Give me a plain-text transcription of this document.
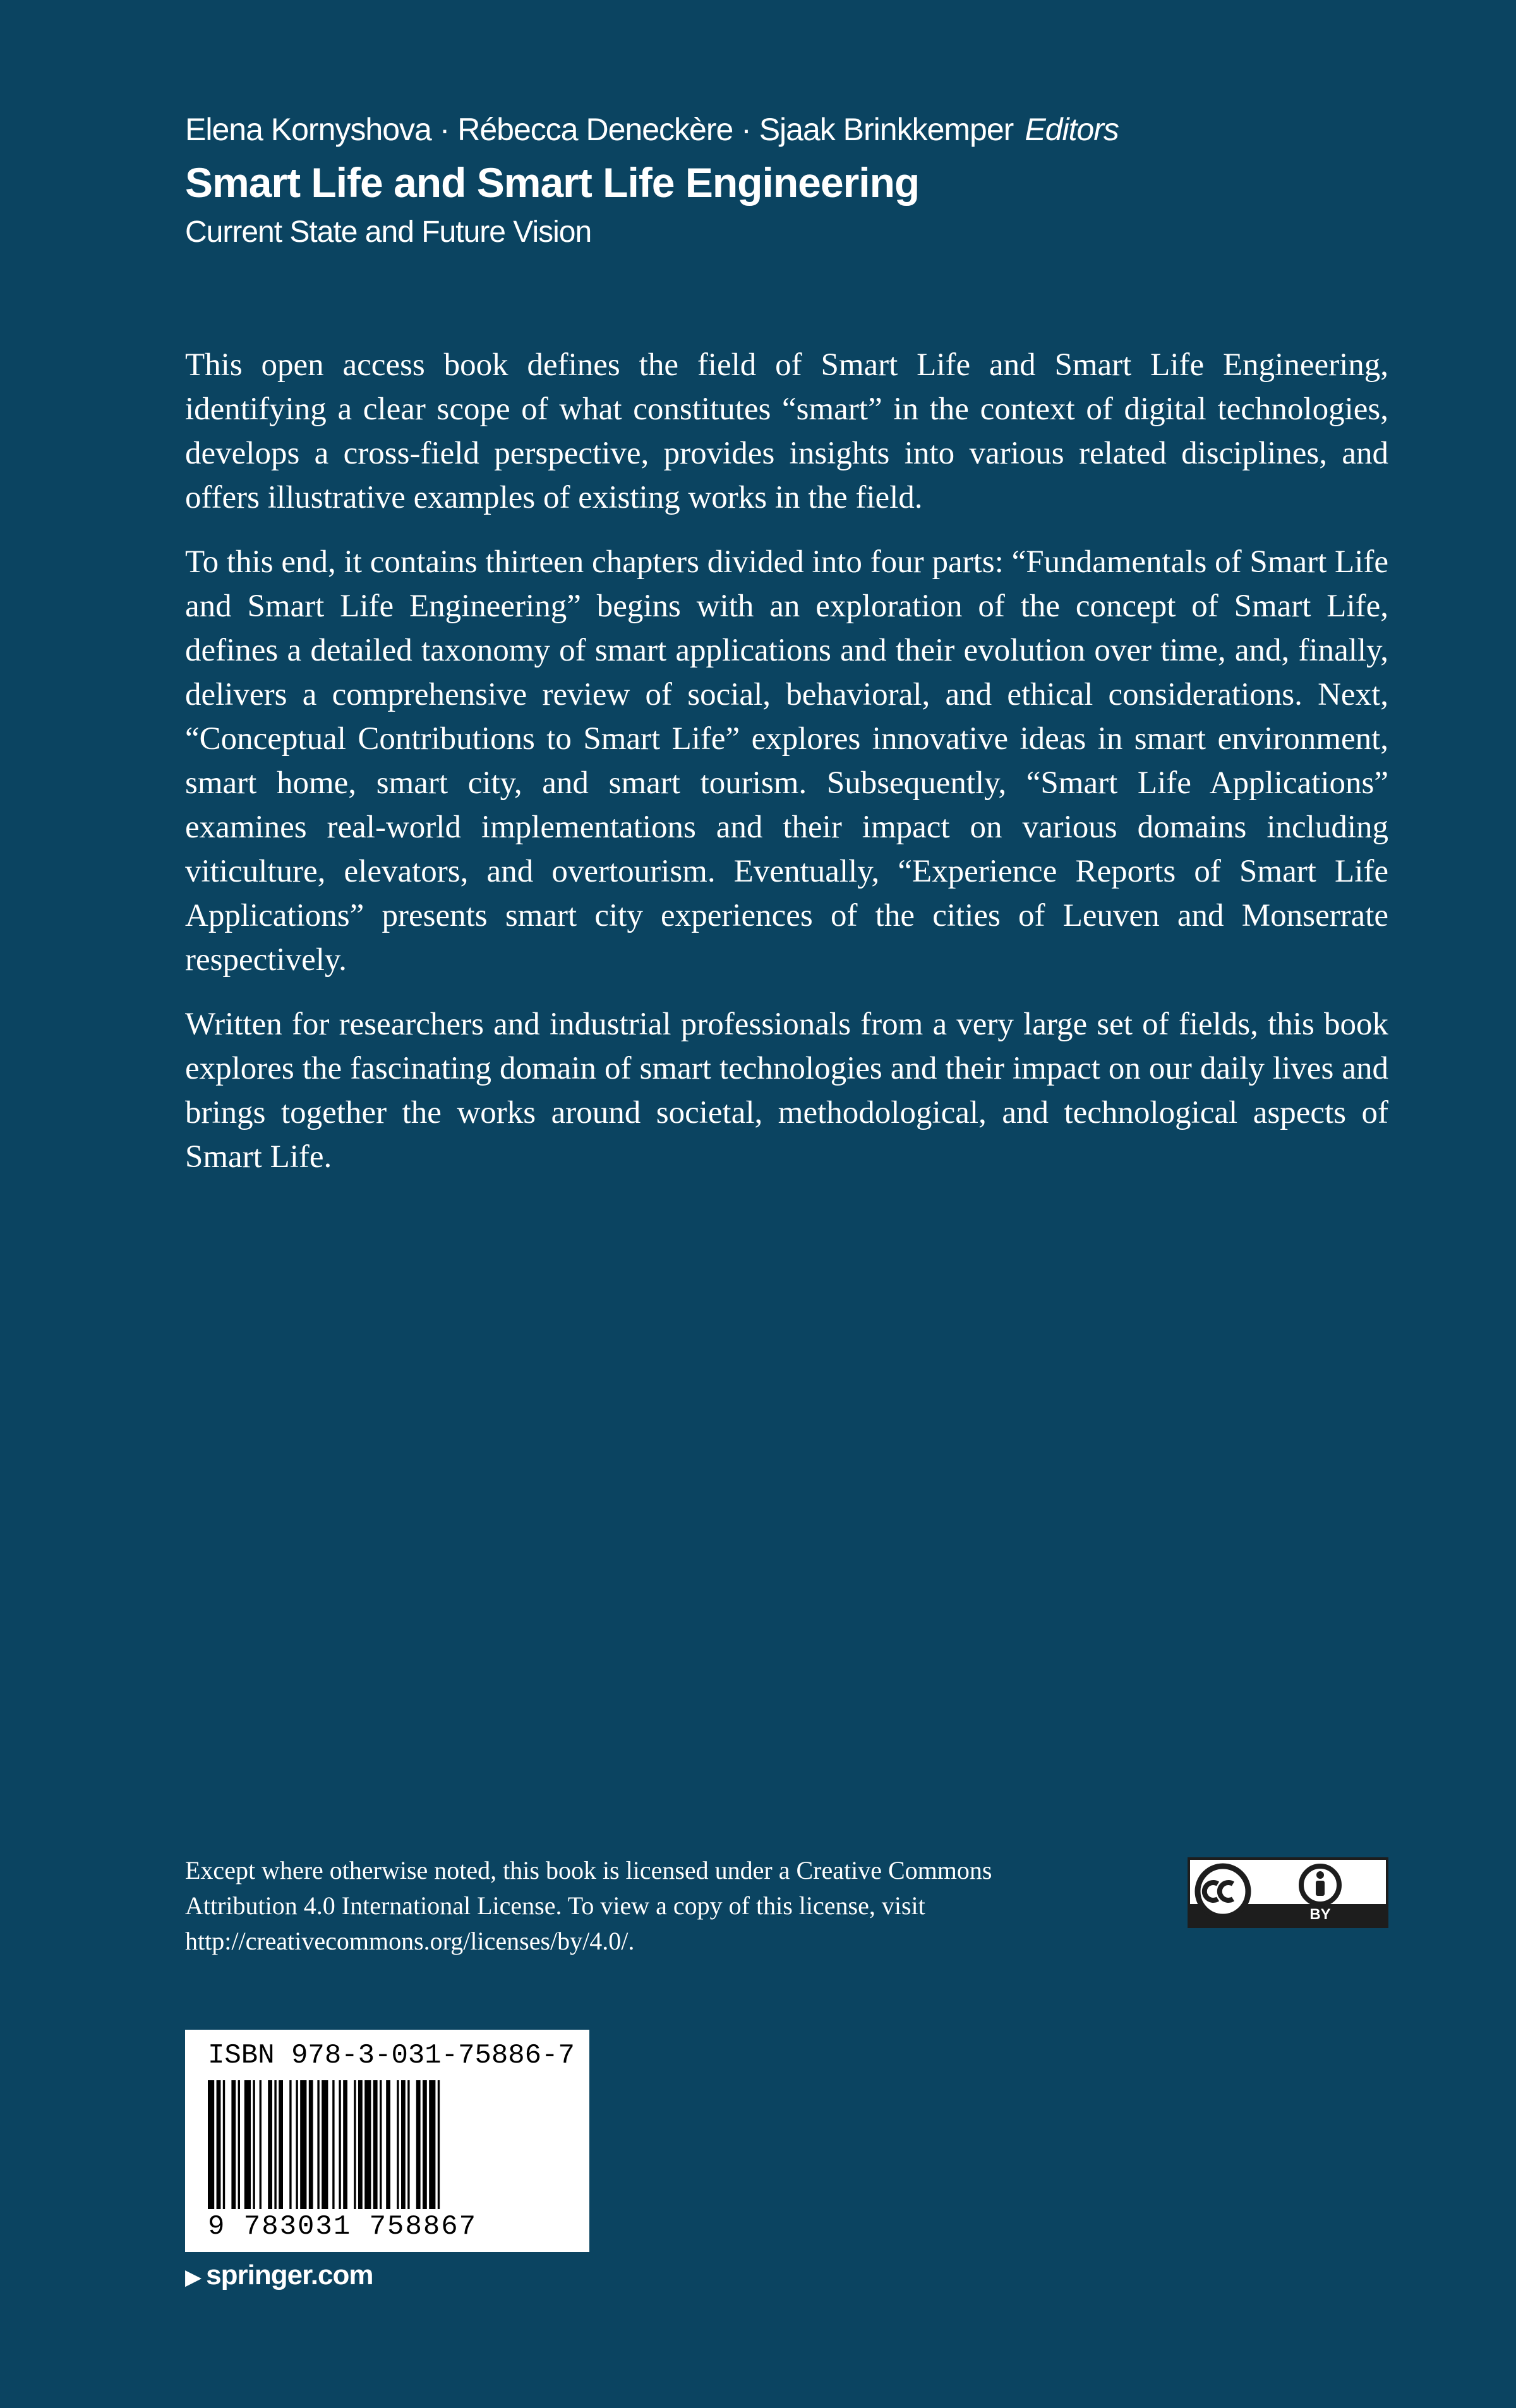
Elena Kornyshova · Rébecca Deneckère · Sjaak Brinkkemper Editors
Smart Life and Smart Life Engineering
Current State and Future Vision

This open access book defines the field of Smart Life and Smart Life Engineering, identifying a clear scope of what constitutes “smart” in the context of digital technologies, develops a cross-field perspective, provides insights into various related disciplines, and offers illustrative examples of existing works in the field.

To this end, it contains thirteen chapters divided into four parts: “Fundamentals of Smart Life and Smart Life Engineering” begins with an exploration of the concept of Smart Life, defines a detailed taxonomy of smart applications and their evolution over time, and, finally, delivers a comprehensive review of social, behavioral, and ethical considerations. Next, “Conceptual Contributions to Smart Life” explores innovative ideas in smart environment, smart home, smart city, and smart tourism. Subsequently, “Smart Life Applications” examines real-world implementations and their impact on various domains including viticulture, elevators, and overtourism. Eventually, “Experience Reports of Smart Life Applications” presents smart city experiences of the cities of Leuven and Monserrate respectively.

Written for researchers and industrial professionals from a very large set of fields, this book explores the fascinating domain of smart technologies and their impact on our daily lives and brings together the works around societal, methodological, and technological aspects of Smart Life.

Except where otherwise noted, this book is licensed under a Creative Commons Attribution 4.0 International License. To view a copy of this license, visit http://creativecommons.org/licenses/by/4.0/.
BY
ISBN 978-3-031-75886-7
9 783031 758867
▶ springer.com
